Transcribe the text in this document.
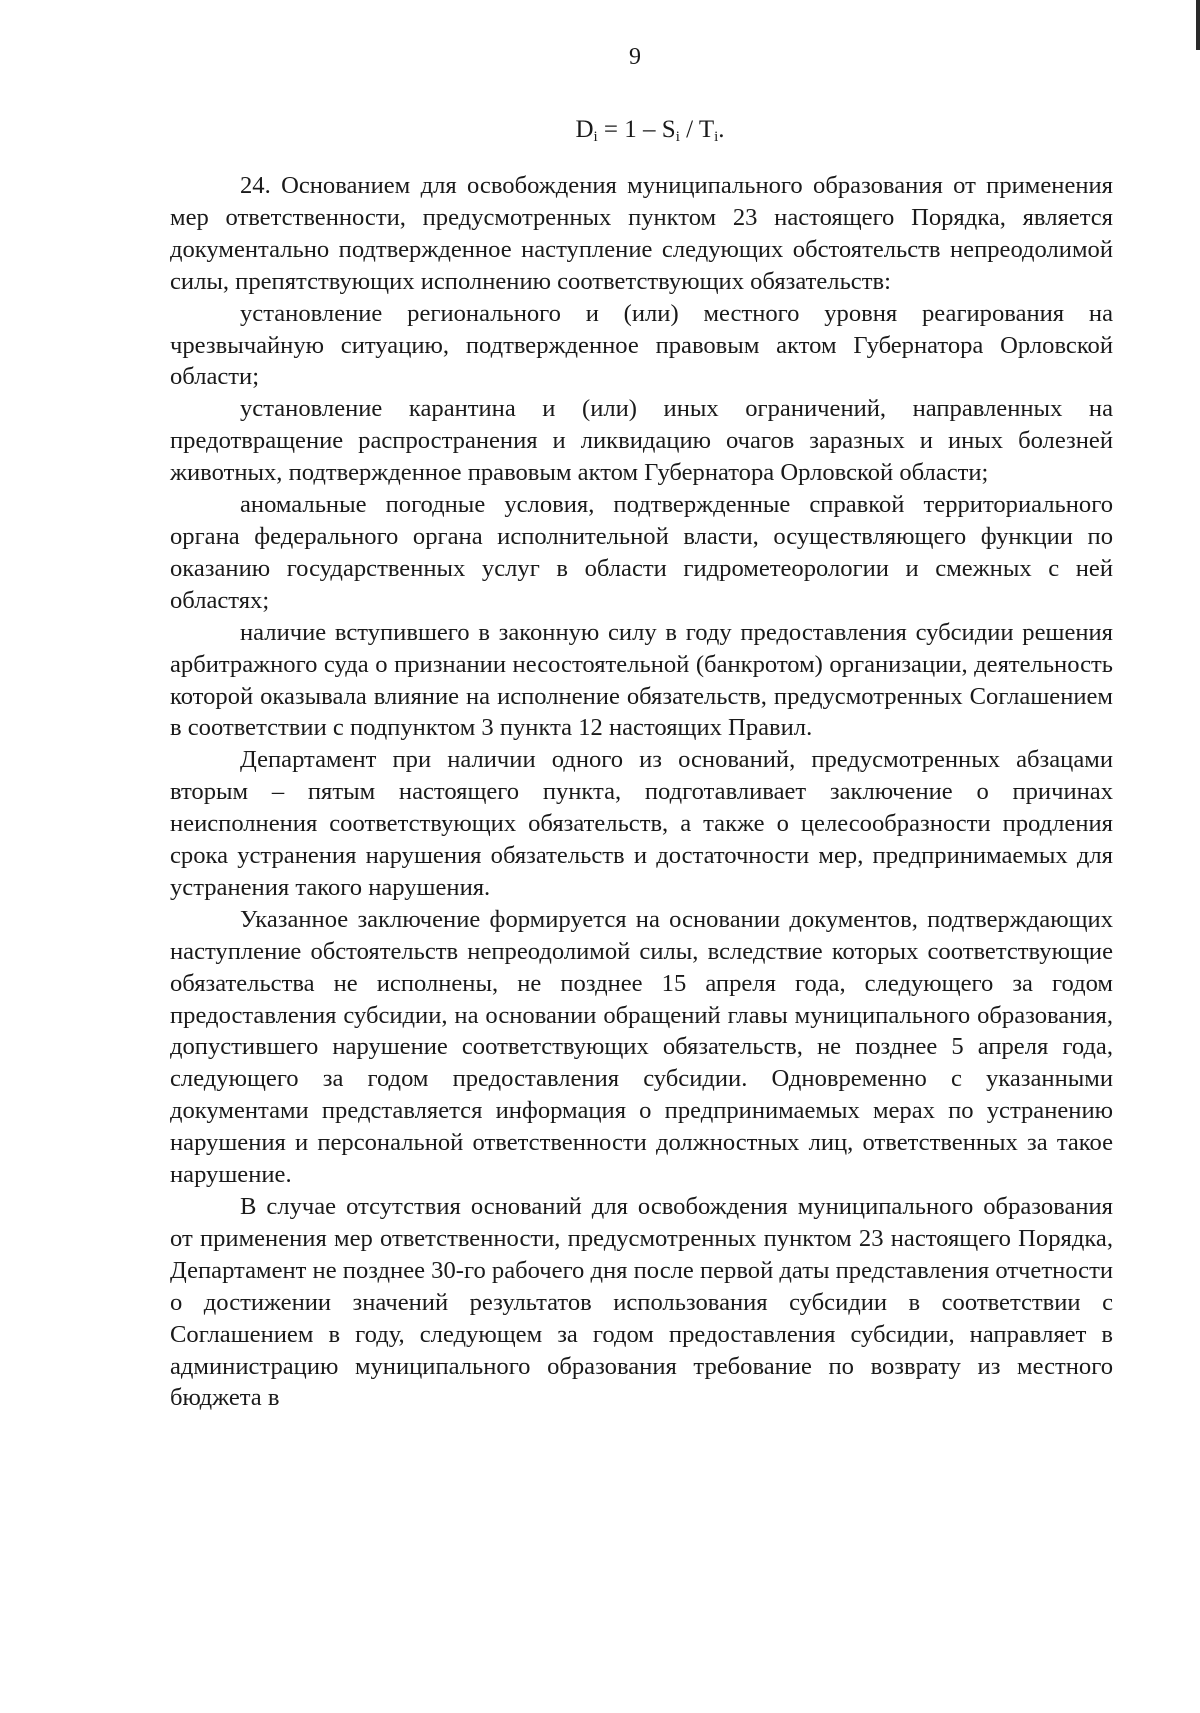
9
$D_i = 1 - S_i / T_i$.

24. Основанием для освобождения муниципального образования от применения мер ответственности, предусмотренных пунктом 23 настоящего Порядка, является документально подтвержденное наступление следующих обстоятельств непреодолимой силы, препятствующих исполнению соответствующих обязательств:

установление регионального и (или) местного уровня реагирования на чрезвычайную ситуацию, подтвержденное правовым актом Губернатора Орловской области;

установление карантина и (или) иных ограничений, направленных на предотвращение распространения и ликвидацию очагов заразных и иных болезней животных, подтвержденное правовым актом Губернатора Орловской области;

аномальные погодные условия, подтвержденные справкой территориального органа федерального органа исполнительной власти, осуществляющего функции по оказанию государственных услуг в области гидрометеорологии и смежных с ней областях;

наличие вступившего в законную силу в году предоставления субсидии решения арбитражного суда о признании несостоятельной (банкротом) организации, деятельность которой оказывала влияние на исполнение обязательств, предусмотренных Соглашением в соответствии с подпунктом 3 пункта 12 настоящих Правил.

Департамент при наличии одного из оснований, предусмотренных абзацами вторым – пятым настоящего пункта, подготавливает заключение о причинах неисполнения соответствующих обязательств, а также о целесообразности продления срока устранения нарушения обязательств и достаточности мер, предпринимаемых для устранения такого нарушения.

Указанное заключение формируется на основании документов, подтверждающих наступление обстоятельств непреодолимой силы, вследствие которых соответствующие обязательства не исполнены, не позднее 15 апреля года, следующего за годом предоставления субсидии, на основании обращений главы муниципального образования, допустившего нарушение соответствующих обязательств, не позднее 5 апреля года, следующего за годом предоставления субсидии. Одновременно с указанными документами представляется информация о предпринимаемых мерах по устранению нарушения и персональной ответственности должностных лиц, ответственных за такое нарушение.

В случае отсутствия оснований для освобождения муниципального образования от применения мер ответственности, предусмотренных пунктом 23 настоящего Порядка, Департамент не позднее 30-го рабочего дня после первой даты представления отчетности о достижении значений результатов использования субсидии в соответствии с Соглашением в году, следующем за годом предоставления субсидии, направляет в администрацию муниципального образования требование по возврату из местного бюджета в
